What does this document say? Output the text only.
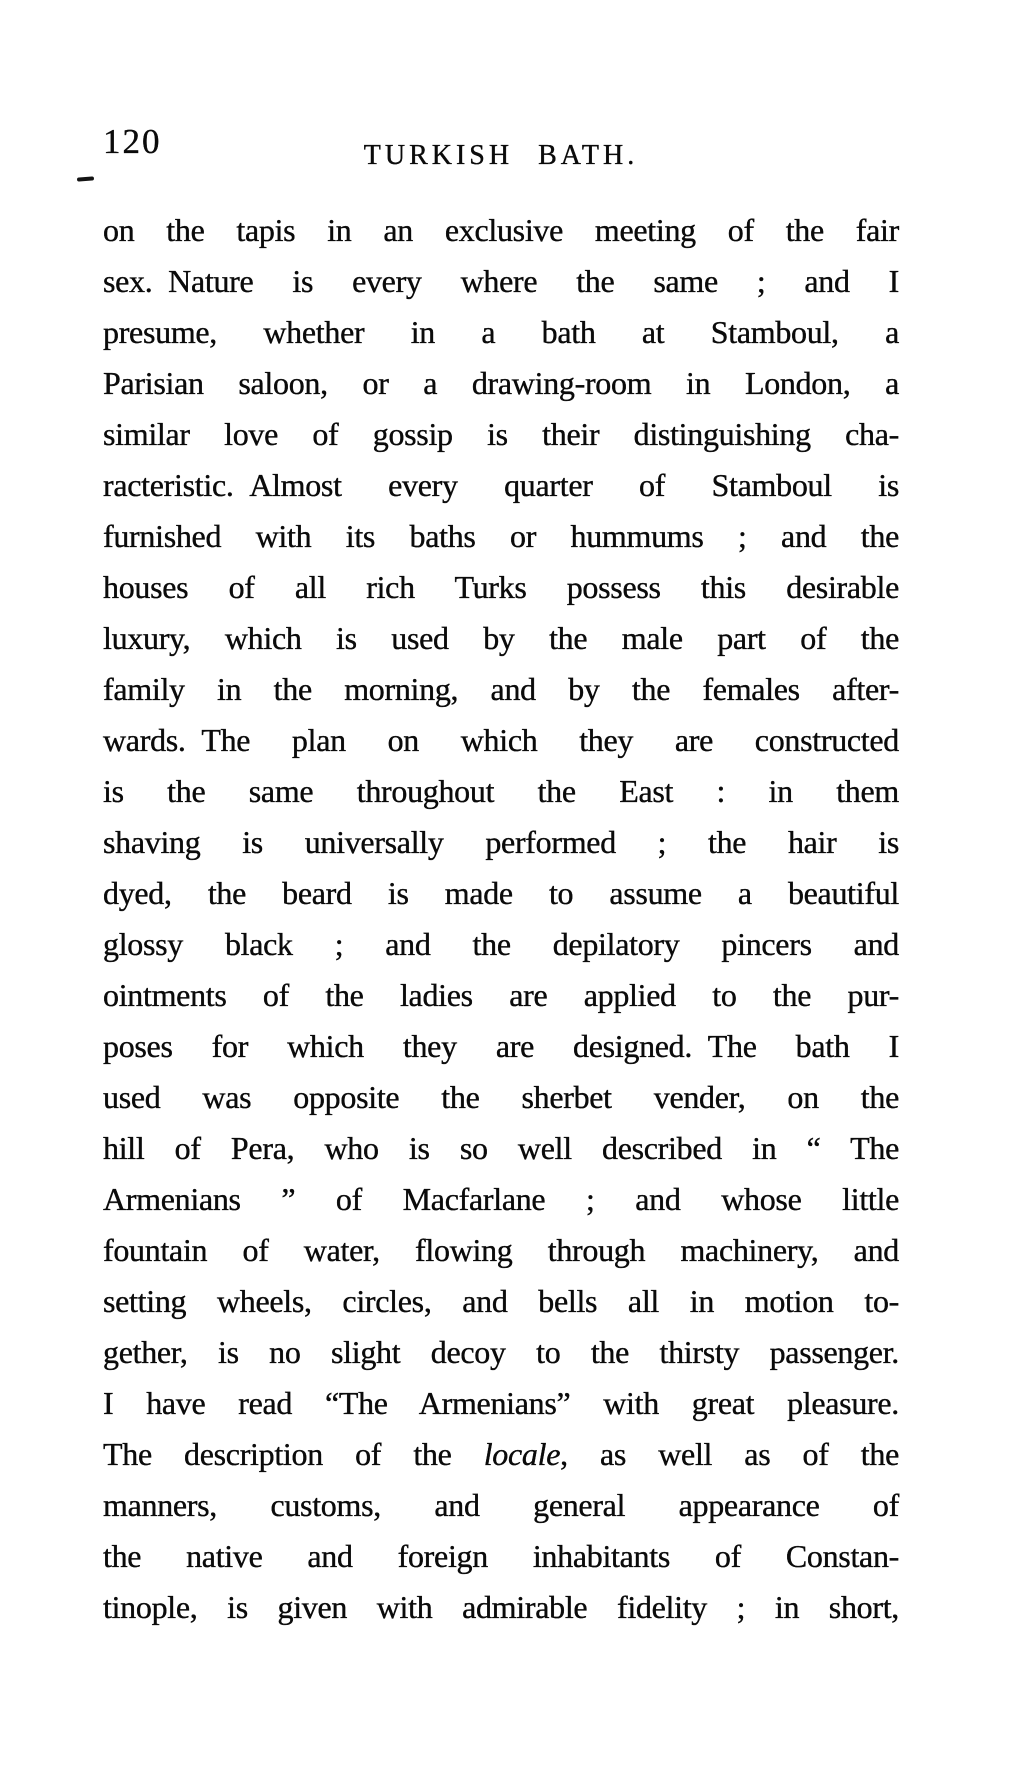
120	TURKISH BATH.
on the tapis in an exclusive meeting of the fair
sex. Nature is every where the same ; and I
presume, whether in a bath at Stamboul, a
Parisian saloon, or a drawing-room in London, a
similar love of gossip is their distinguishing cha-
racteristic. Almost every quarter of Stamboul is
furnished with its baths or hummums ; and the
houses of all rich Turks possess this desirable
luxury, which is used by the male part of the
family in the morning, and by the females after-
wards. The plan on which they are constructed
is the same throughout the East : in them
shaving is universally performed ; the hair is
dyed, the beard is made to assume a beautiful
glossy black ; and the depilatory pincers and
ointments of the ladies are applied to the pur-
poses for which they are designed. The bath I
used was opposite the sherbet vender, on the
hill of Pera, who is so well described in “ The
Armenians ” of Macfarlane ; and whose little
fountain of water, flowing through machinery, and
setting wheels, circles, and bells all in motion to-
gether, is no slight decoy to the thirsty passenger.
I have read “The Armenians” with great pleasure.
The description of the locale, as well as of the
manners, customs, and general appearance of
the native and foreign inhabitants of Constan-
tinople, is given with admirable fidelity ; in short,
